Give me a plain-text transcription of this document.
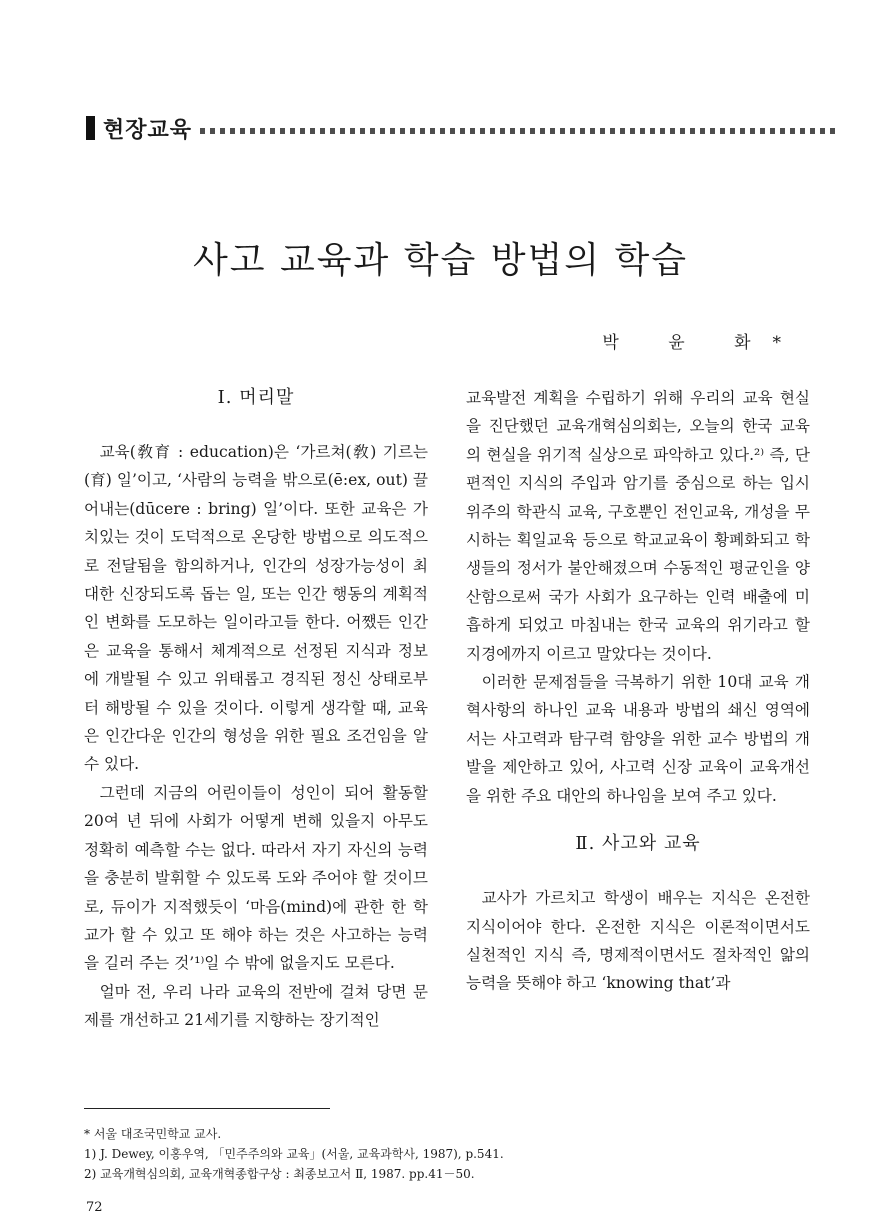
현장교육
사고 교육과 학습 방법의 학습
박 윤 화*
Ⅰ. 머리말

교육(敎育 : education)은 ‘가르쳐(敎) 기르는(育) 일’이고, ‘사람의 능력을 밖으로(ē:ex, out) 끌어내는(dūcere : bring) 일’이다. 또한 교육은 가치있는 것이 도덕적으로 온당한 방법으로 의도적으로 전달됨을 함의하거나, 인간의 성장가능성이 최대한 신장되도록 돕는 일, 또는 인간 행동의 계획적인 변화를 도모하는 일이라고들 한다. 어쨌든 인간은 교육을 통해서 체계적으로 선정된 지식과 정보에 개발될 수 있고 위태롭고 경직된 정신 상태로부터 해방될 수 있을 것이다. 이렇게 생각할 때, 교육은 인간다운 인간의 형성을 위한 필요 조건임을 알 수 있다.

그런데 지금의 어린이들이 성인이 되어 활동할 20여 년 뒤에 사회가 어떻게 변해 있을지 아무도 정확히 예측할 수는 없다. 따라서 자기 자신의 능력을 충분히 발휘할 수 있도록 도와 주어야 할 것이므로, 듀이가 지적했듯이 ‘마음(mind)에 관한 한 학교가 할 수 있고 또 해야 하는 것은 사고하는 능력을 길러 주는 것’¹⁾일 수 밖에 없을지도 모른다.

얼마 전, 우리 나라 교육의 전반에 걸쳐 당면 문제를 개선하고 21세기를 지향하는 장기적인

교육발전 계획을 수립하기 위해 우리의 교육 현실을 진단했던 교육개혁심의회는, 오늘의 한국 교육의 현실을 위기적 실상으로 파악하고 있다.²⁾ 즉, 단편적인 지식의 주입과 암기를 중심으로 하는 입시 위주의 학관식 교육, 구호뿐인 전인교육, 개성을 무시하는 획일교육 등으로 학교교육이 황폐화되고 학생들의 정서가 불안해졌으며 수동적인 평균인을 양산함으로써 국가 사회가 요구하는 인력 배출에 미흡하게 되었고 마침내는 한국 교육의 위기라고 할 지경에까지 이르고 말았다는 것이다.

이러한 문제점들을 극복하기 위한 10대 교육 개혁사항의 하나인 교육 내용과 방법의 쇄신 영역에서는 사고력과 탐구력 함양을 위한 교수 방법의 개발을 제안하고 있어, 사고력 신장 교육이 교육개선을 위한 주요 대안의 하나임을 보여 주고 있다.

Ⅱ. 사고와 교육

교사가 가르치고 학생이 배우는 지식은 온전한 지식이어야 한다. 온전한 지식은 이론적이면서도 실천적인 지식 즉, 명제적이면서도 절차적인 앎의 능력을 뜻해야 하고 ‘knowing that’과

* 서울 대조국민학교 교사.
1) J. Dewey, 이홍우역, 「민주주의와 교육」(서울, 교육과학사, 1987), p.541.
2) 교육개혁심의회, 교육개혁종합구상 : 최종보고서 Ⅱ, 1987. pp.41－50.
72
